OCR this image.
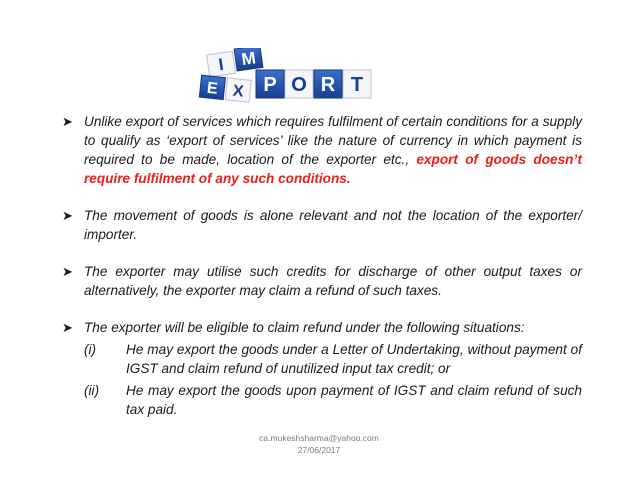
I M
E X P O R T
➤ Unlike export of services which requires fulfilment of certain conditions for a supply to qualify as ‘export of services’ like the nature of currency in which payment is required to be made, location of the exporter etc., export of goods doesn’t require fulfilment of any such conditions.
➤ The movement of goods is alone relevant and not the location of the exporter/ importer.
➤ The exporter may utilise such credits for discharge of other output taxes or alternatively, the exporter may claim a refund of such taxes.
➤ The exporter will be eligible to claim refund under the following situations:
(i)	He may export the goods under a Letter of Undertaking, without payment of IGST and claim refund of unutilized input tax credit; or
(ii)	He may export the goods upon payment of IGST and claim refund of such tax paid.
ca.mukeshsharma@yahoo.com
27/06/2017
